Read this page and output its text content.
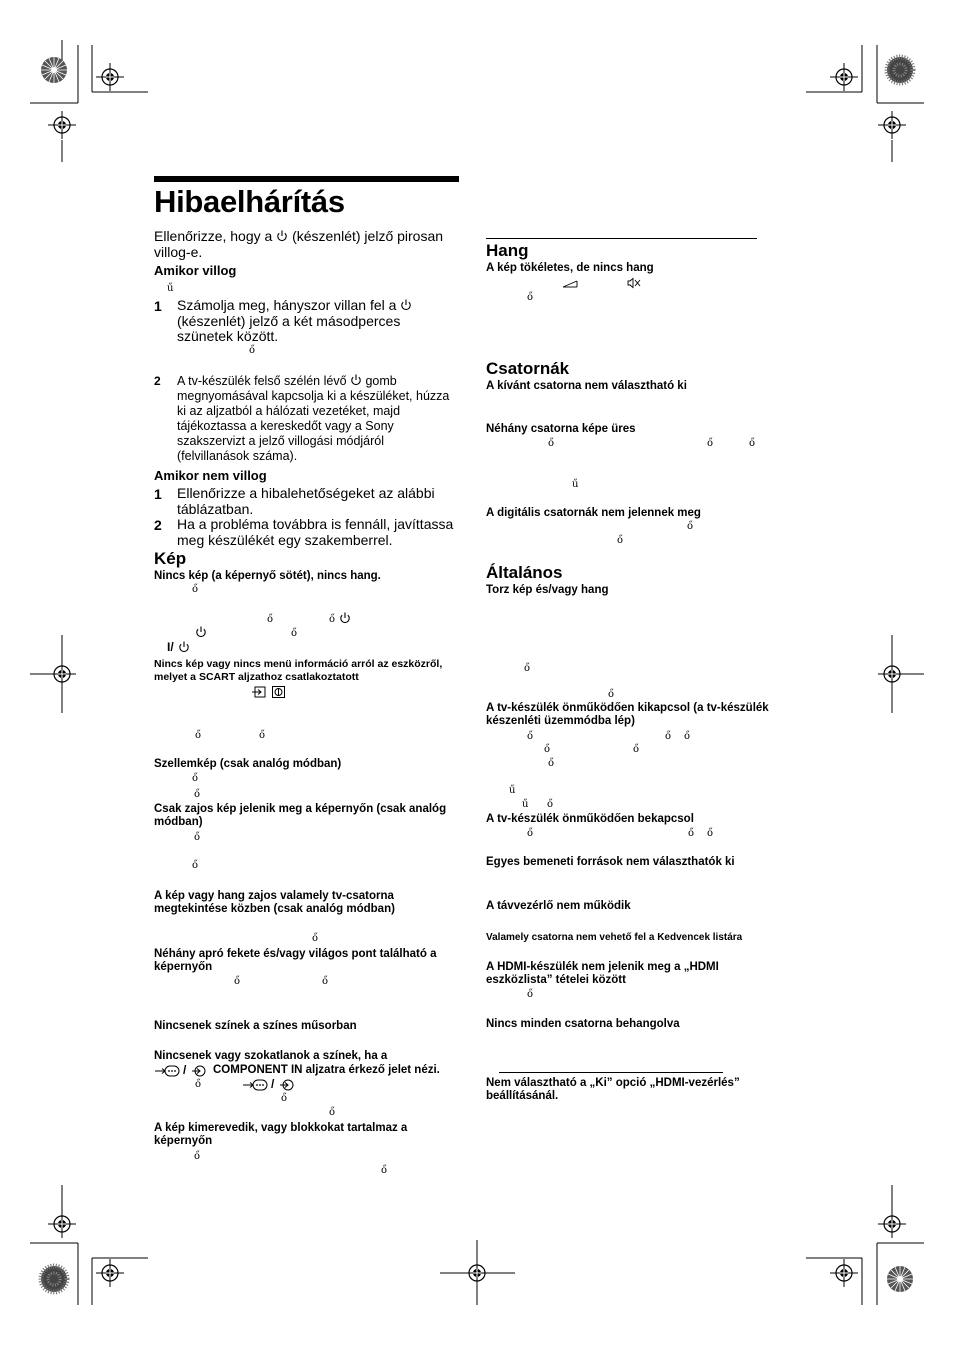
Hibaelhárítás
Ellenőrizze, hogy a  (készenlét) jelző pirosan villog-e.
Amikor villog
ű
1 Számolja meg, hányszor villan fel a  (készenlét) jelző a két másodperces szünetek között.
ő
2 A tv-készülék felső szélén lévő  gomb megnyomásával kapcsolja ki a készüléket, húzza ki az aljzatból a hálózati vezetéket, majd tájékoztassa a kereskedőt vagy a Sony szakszervizt a jelző villogási módjáról (felvillanások száma).
Amikor nem villog
1 Ellenőrizze a hibalehetőségeket az alábbi táblázatban.
2 Ha a probléma továbbra is fennáll, javíttassa meg készülékét egy szakemberrel.
Kép
Nincs kép (a képernyő sötét), nincs hang.
ő
ő	ő
ő
I/
Nincs kép vagy nincs menü információ arról az eszközről, melyet a SCART aljzathoz csatlakoztatott
ő	ő
Szellemkép (csak analóg módban)
ő
ő
Csak zajos kép jelenik meg a képernyőn (csak analóg módban)
ő
ő
A kép vagy hang zajos valamely tv-csatorna megtekintése közben (csak analóg módban)
ő
Néhány apró fekete és/vagy világos pont található a képernyőn
ő	ő
Nincsenek színek a színes műsorban
Nincsenek vagy szokatlanok a színek, ha a
/ COMPONENT IN aljzatra érkező jelet nézi.
ő	/
ő
ő
A kép kimerevedik, vagy blokkokat tartalmaz a képernyőn
ő
ő
Hang
A kép tökéletes, de nincs hang
ő
Csatornák
A kívánt csatorna nem választható ki
Néhány csatorna képe üres
ő	ő	ő
ű
A digitális csatornák nem jelennek meg
ő
ő
Általános
Torz kép és/vagy hang
ő
ő
A tv-készülék önműködően kikapcsol (a tv-készülék készenléti üzemmódba lép)
ő	ő ő
ő	ő
ő
ű
ű ő
A tv-készülék önműködően bekapcsol
ő	ő ő
Egyes bemeneti források nem választhatók ki
A távvezérlő nem működik
Valamely csatorna nem vehető fel a Kedvencek listára
A HDMI-készülék nem jelenik meg a „HDMI eszközlista” tételei között
ő
Nincs minden csatorna behangolva
Nem választható a „Ki” opció „HDMI-vezérlés” beállításánál.
